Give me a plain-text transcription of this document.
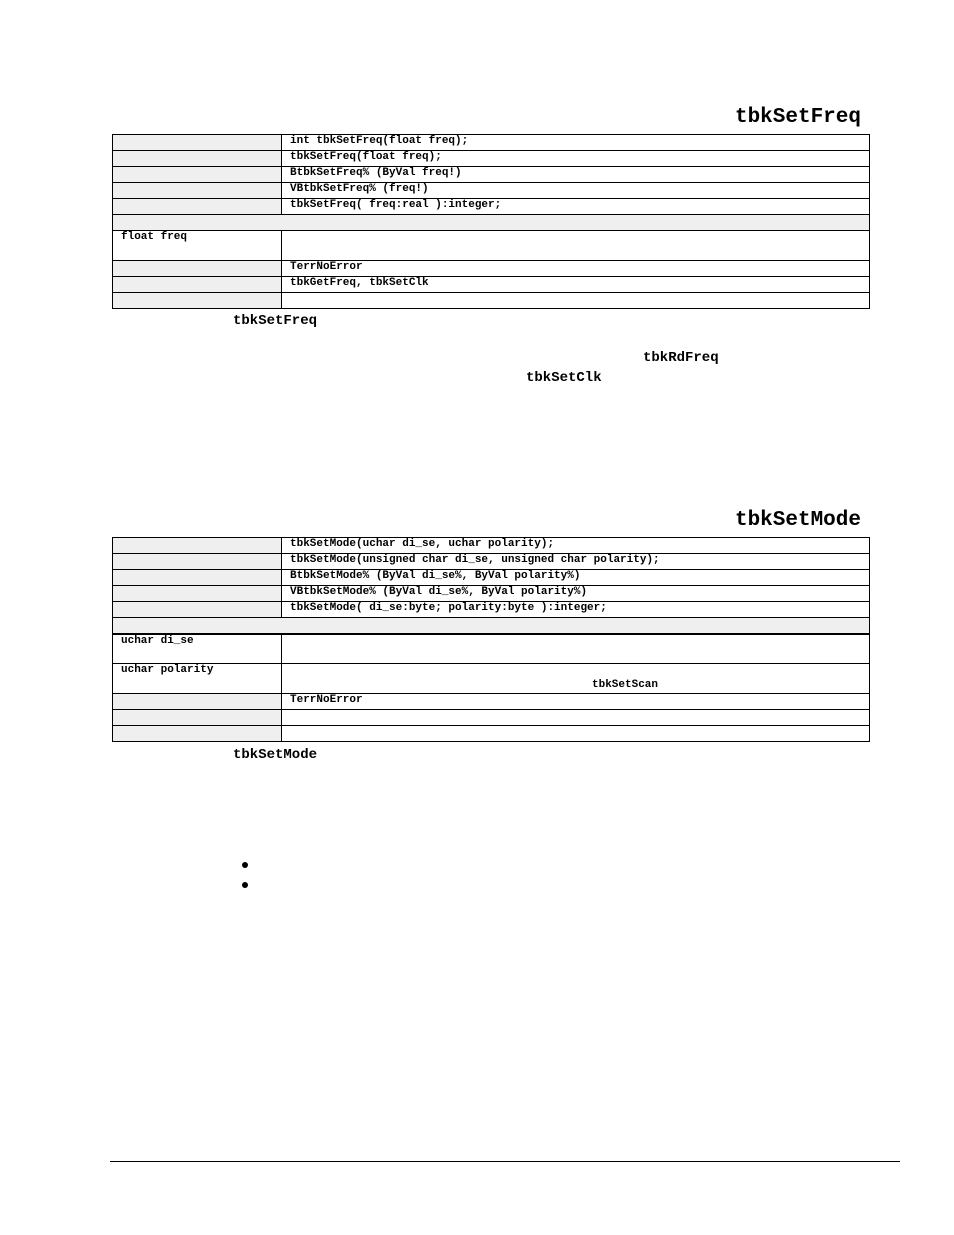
tbkSetFreq
	int tbkSetFreq(float freq);
	tbkSetFreq(float freq);
	BtbkSetFreq% (ByVal freq!)
	VBtbkSetFreq% (freq!)
	tbkSetFreq( freq:real ):integer;

float freq	
	TerrNoError
	tbkGetFreq, tbkSetClk

tbkSetFreq
tbkRdFreq
tbkSetClk
tbkSetMode
	tbkSetMode(uchar di_se, uchar polarity);
	tbkSetMode(unsigned char di_se, unsigned char polarity);
	BtbkSetMode% (ByVal di_se%, ByVal polarity%)
	VBtbkSetMode% (ByVal di_se%, ByVal polarity%)
	tbkSetMode( di_se:byte; polarity:byte ):integer;

uchar di_se	
uchar polarity	tbkSetScan

	TerrNoError

tbkSetMode
